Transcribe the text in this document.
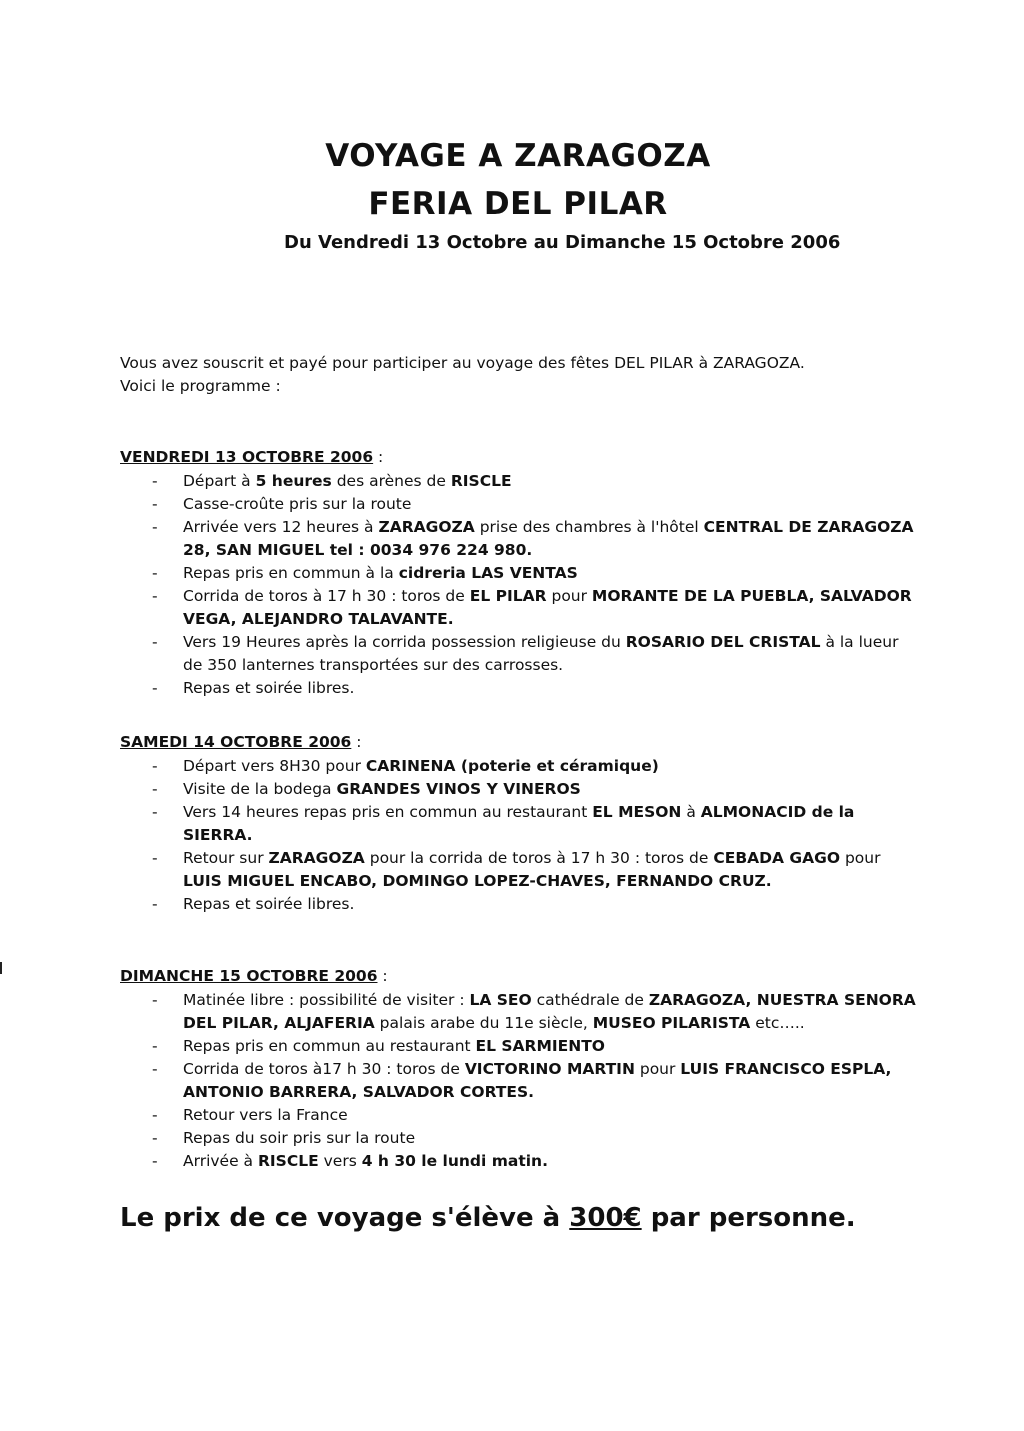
VOYAGE A ZARAGOZA
FERIA DEL PILAR
Du Vendredi 13 Octobre au Dimanche 15 Octobre 2006
Vous avez souscrit et payé pour participer au voyage des fêtes DEL PILAR à ZARAGOZA.
Voici le programme :
VENDREDI 13 OCTOBRE 2006 :
- Départ à 5 heures des arènes de RISCLE
- Casse-croûte pris sur la route
- Arrivée vers 12 heures à ZARAGOZA prise des chambres à l'hôtel CENTRAL DE ZARAGOZA 28, SAN MIGUEL tel : 0034 976 224 980.
- Repas pris en commun à la cidreria LAS VENTAS
- Corrida de toros à 17 h 30 : toros de EL PILAR pour MORANTE DE LA PUEBLA, SALVADOR VEGA, ALEJANDRO TALAVANTE.
- Vers 19 Heures après la corrida possession religieuse du ROSARIO DEL CRISTAL à la lueur de 350 lanternes transportées sur des carrosses.
- Repas et soirée libres.
SAMEDI 14 OCTOBRE 2006 :
- Départ vers 8H30 pour CARINENA (poterie et céramique)
- Visite de la bodega GRANDES VINOS Y VINEROS
- Vers 14 heures repas pris en commun au restaurant EL MESON à ALMONACID de la SIERRA.
- Retour sur ZARAGOZA pour la corrida de toros à 17 h 30 : toros de CEBADA GAGO pour LUIS MIGUEL ENCABO, DOMINGO LOPEZ-CHAVES, FERNANDO CRUZ.
- Repas et soirée libres.
DIMANCHE 15 OCTOBRE 2006 :
- Matinée libre : possibilité de visiter : LA SEO cathédrale de ZARAGOZA, NUESTRA SENORA DEL PILAR, ALJAFERIA palais arabe du 11e siècle, MUSEO PILARISTA etc…..
- Repas pris en commun au restaurant EL SARMIENTO
- Corrida de toros à17 h 30 : toros de VICTORINO MARTIN pour LUIS FRANCISCO ESPLA, ANTONIO BARRERA, SALVADOR CORTES.
- Retour vers la France
- Repas du soir pris sur la route
- Arrivée à RISCLE vers 4 h 30 le lundi matin.
Le prix de ce voyage s'élève à 300€ par personne.
